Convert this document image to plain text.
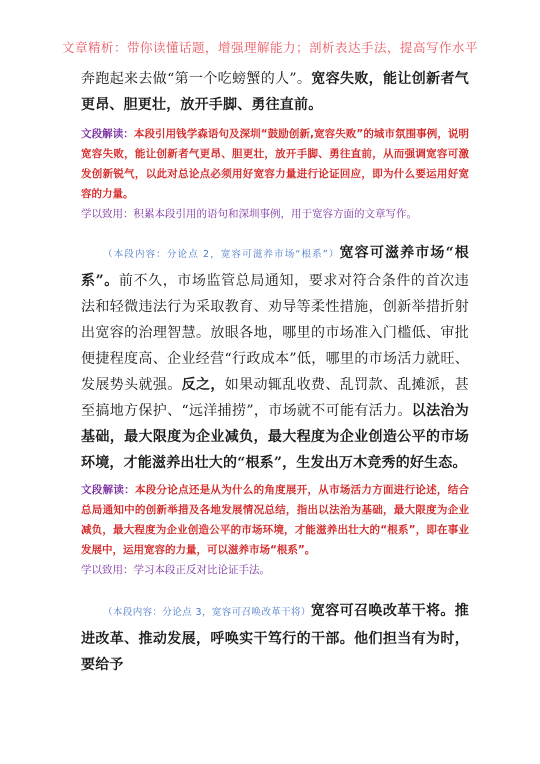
文章精析：带你读懂话题，增强理解能力；剖析表达手法，提高写作水平

奔跑起来去做“第一个吃螃蟹的人”。宽容失败，能让创新者气更昂、胆更壮，放开手脚、勇往直前。

文段解读：本段引用钱学森语句及深圳“鼓励创新,宽容失败”的城市氛围事例，说明宽容失败，能让创新者气更昂、胆更壮，放开手脚、勇往直前，从而强调宽容可激发创新锐气，以此对总论点必须用好宽容力量进行论证回应，即为什么要运用好宽容的力量。

学以致用：积累本段引用的语句和深圳事例，用于宽容方面的文章写作。

（本段内容：分论点 2，宽容可滋养市场“根系”）宽容可滋养市场“根系”。前不久，市场监管总局通知，要求对符合条件的首次违法和轻微违法行为采取教育、劝导等柔性措施，创新举措折射出宽容的治理智慧。放眼各地，哪里的市场准入门槛低、审批便捷程度高、企业经营“行政成本”低，哪里的市场活力就旺、发展势头就强。反之，如果动辄乱收费、乱罚款、乱摊派，甚至搞地方保护、“远洋捕捞”，市场就不可能有活力。以法治为基础，最大限度为企业减负，最大程度为企业创造公平的市场环境，才能滋养出壮大的“根系”，生发出万木竞秀的好生态。

文段解读：本段分论点还是从为什么的角度展开，从市场活力方面进行论述，结合总局通知中的创新举措及各地发展情况总结，指出以法治为基础，最大限度为企业减负，最大程度为企业创造公平的市场环境，才能滋养出壮大的“根系”，即在事业发展中，运用宽容的力量，可以滋养市场“根系”。

学以致用：学习本段正反对比论证手法。

（本段内容：分论点 3，宽容可召唤改革干将）宽容可召唤改革干将。推进改革、推动发展，呼唤实干笃行的干部。他们担当有为时，要给予
